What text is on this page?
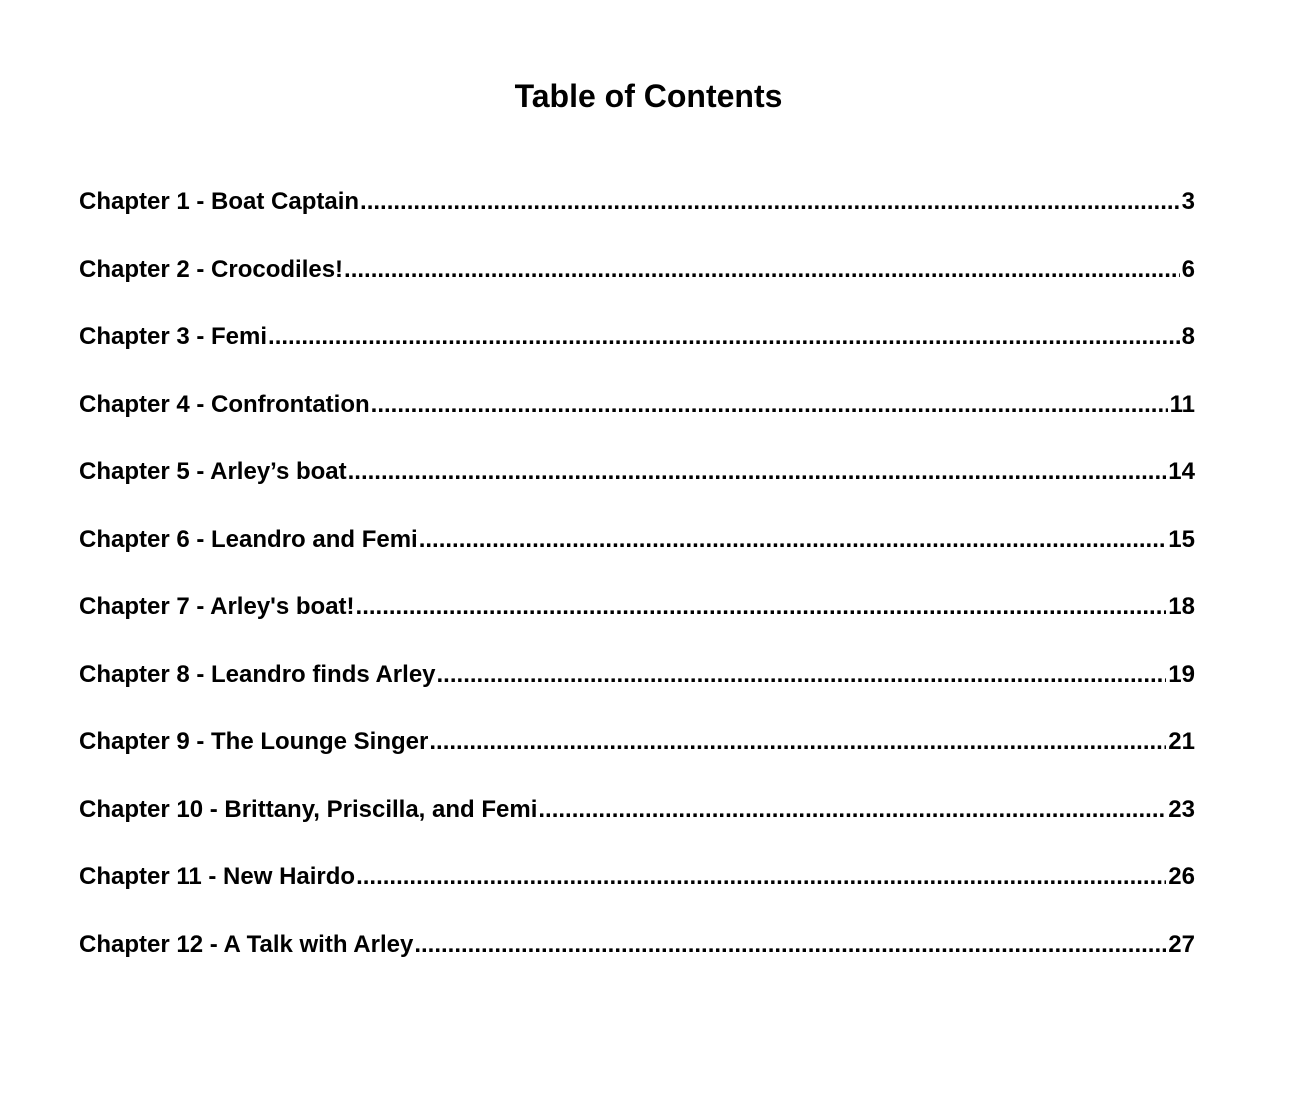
Table of Contents
Chapter 1 - Boat Captain .....	3
Chapter 2 - Crocodiles! .....	6
Chapter 3 - Femi .....	8
Chapter 4 - Confrontation .....	11
Chapter 5 - Arley’s boat .....	14
Chapter 6 - Leandro and Femi .....	15
Chapter 7 - Arley's boat! .....	18
Chapter 8 - Leandro finds Arley .....	19
Chapter 9 - The Lounge Singer .....	21
Chapter 10 - Brittany, Priscilla, and Femi .....	23
Chapter 11 - New Hairdo .....	26
Chapter 12 - A Talk with Arley .....	27
